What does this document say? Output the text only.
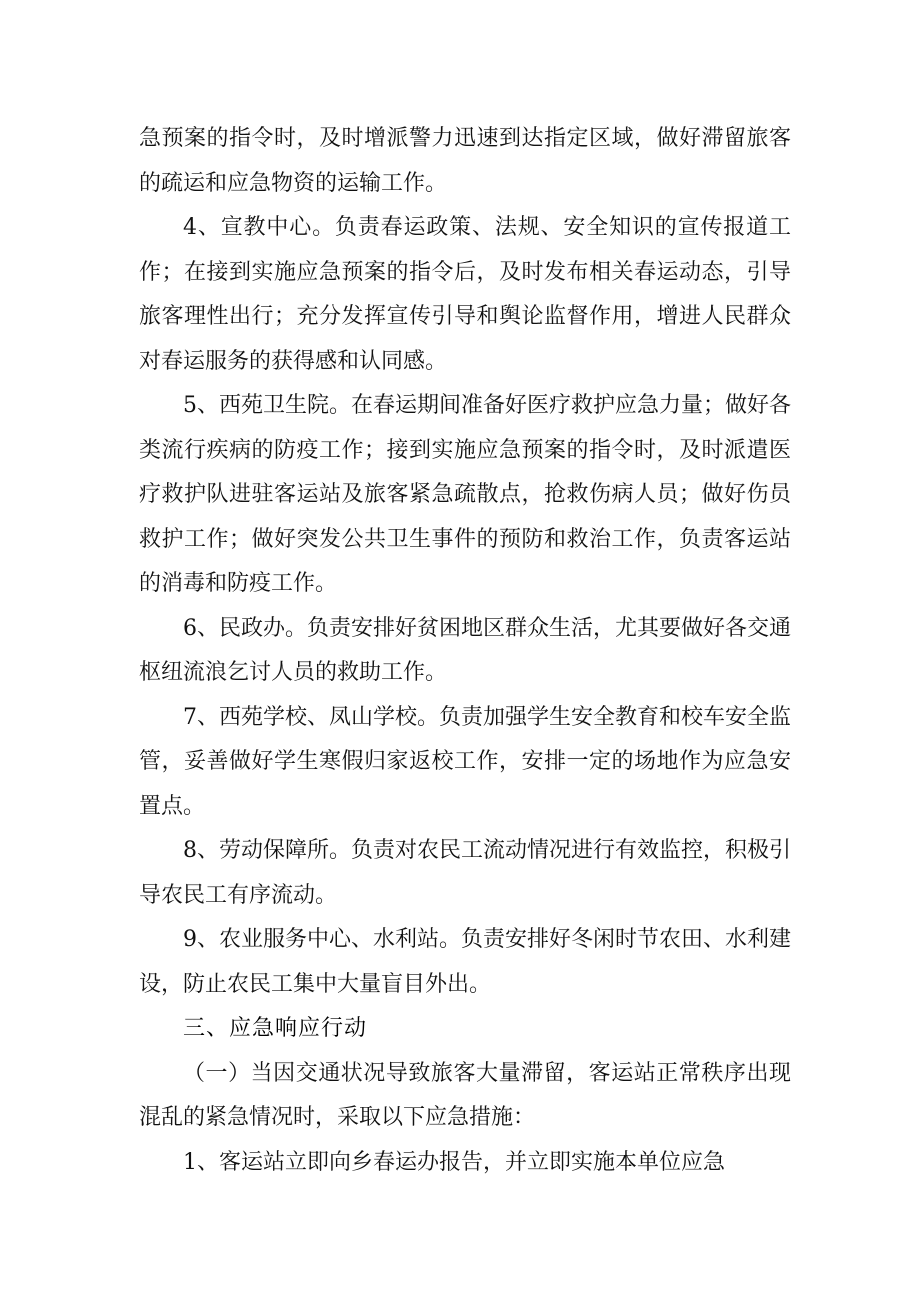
急预案的指令时，及时增派警力迅速到达指定区域，做好滞留旅客的疏运和应急物资的运输工作。

4、宣教中心。负责春运政策、法规、安全知识的宣传报道工作；在接到实施应急预案的指令后，及时发布相关春运动态，引导旅客理性出行；充分发挥宣传引导和舆论监督作用，增进人民群众对春运服务的获得感和认同感。

5、西苑卫生院。在春运期间准备好医疗救护应急力量；做好各类流行疾病的防疫工作；接到实施应急预案的指令时，及时派遣医疗救护队进驻客运站及旅客紧急疏散点，抢救伤病人员；做好伤员救护工作；做好突发公共卫生事件的预防和救治工作，负责客运站的消毒和防疫工作。

6、民政办。负责安排好贫困地区群众生活，尤其要做好各交通枢纽流浪乞讨人员的救助工作。

7、西苑学校、凤山学校。负责加强学生安全教育和校车安全监管，妥善做好学生寒假归家返校工作，安排一定的场地作为应急安置点。

8、劳动保障所。负责对农民工流动情况进行有效监控，积极引导农民工有序流动。

9、农业服务中心、水利站。负责安排好冬闲时节农田、水利建设，防止农民工集中大量盲目外出。

三、应急响应行动

（一）当因交通状况导致旅客大量滞留，客运站正常秩序出现混乱的紧急情况时，采取以下应急措施：

1、客运站立即向乡春运办报告，并立即实施本单位应急
